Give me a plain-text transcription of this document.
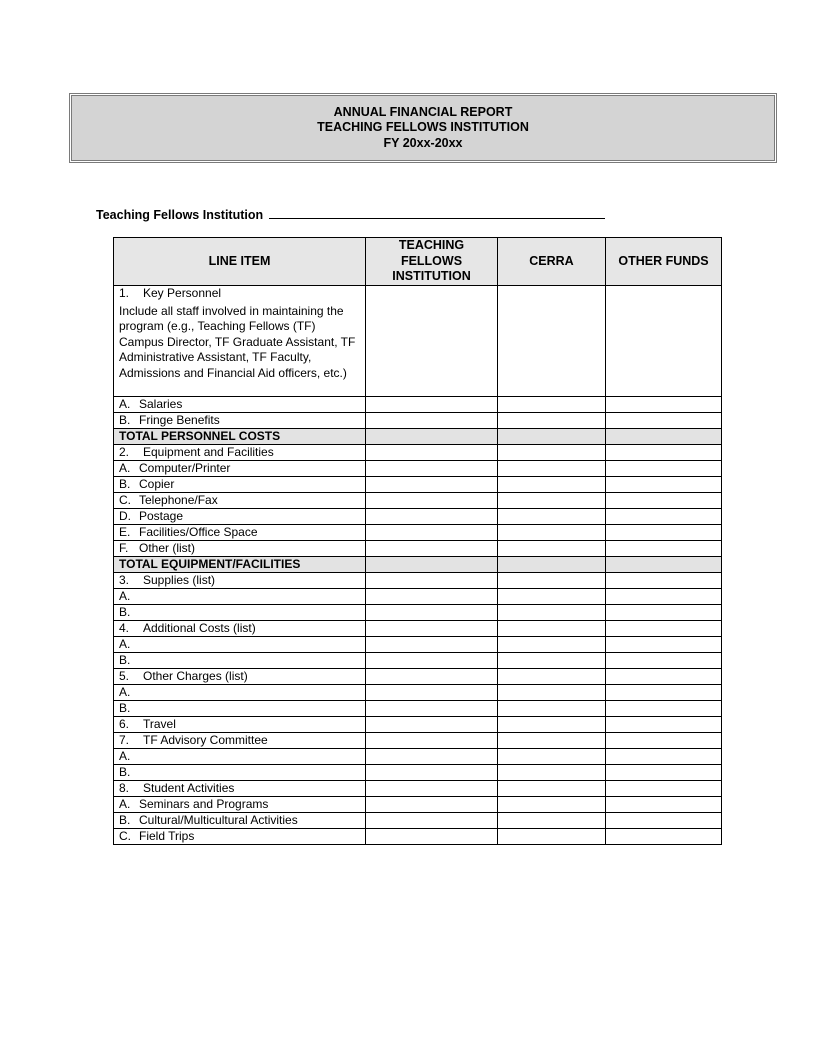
ANNUAL FINANCIAL REPORT
TEACHING FELLOWS INSTITUTION
FY 20xx-20xx
Teaching Fellows Institution
LINE ITEM	TEACHING FELLOWS INSTITUTION	CERRA	OTHER FUNDS

1. Key Personnel
Include all staff involved in maintaining the program (e.g., Teaching Fellows (TF) Campus Director, TF Graduate Assistant, TF Administrative Assistant, TF Faculty, Admissions and Financial Aid officers, etc.)			

A. Salaries			
B. Fringe Benefits			
TOTAL PERSONNEL COSTS			
2. Equipment and Facilities			
A. Computer/Printer			
B. Copier			
C. Telephone/Fax			
D. Postage			
E. Facilities/Office Space			
F. Other (list)			
TOTAL EQUIPMENT/FACILITIES			
3. Supplies (list)			
A.			
B.			
4. Additional Costs (list)			
A.			
B.			
5. Other Charges (list)			
A.			
B.			
6. Travel			
7. TF Advisory Committee			
A.			
B.			
8. Student Activities			
A. Seminars and Programs			
B. Cultural/Multicultural Activities			
C. Field Trips			
